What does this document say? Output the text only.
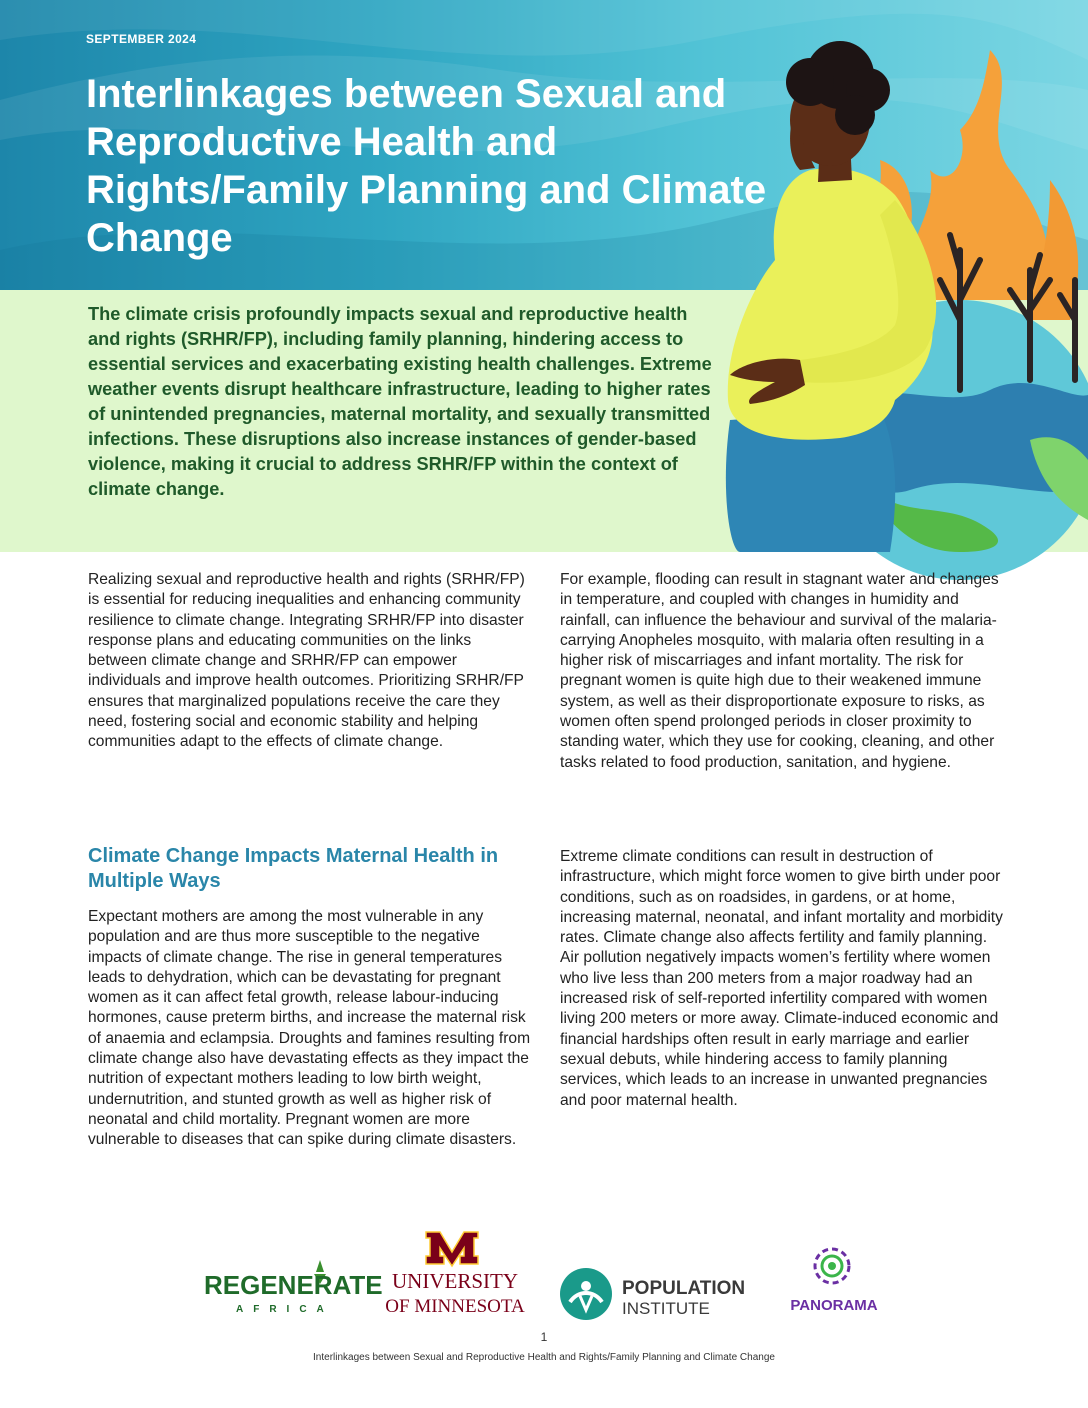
SEPTEMBER 2024
Interlinkages between Sexual and Reproductive Health and Rights/Family Planning and Climate Change

The climate crisis profoundly impacts sexual and reproductive health and rights (SRHR/FP), including family planning, hindering access to essential services and exacerbating existing health challenges. Extreme weather events disrupt healthcare infrastructure, leading to higher rates of unintended pregnancies, maternal mortality, and sexually transmitted infections. These disruptions also increase instances of gender-based violence, making it crucial to address SRHR/FP within the context of climate change.

Realizing sexual and reproductive health and rights (SRHR/FP) is essential for reducing inequalities and enhancing community resilience to climate change. Integrating SRHR/FP into disaster response plans and educating communities on the links between climate change and SRHR/FP can empower individuals and improve health outcomes. Prioritizing SRHR/FP ensures that marginalized populations receive the care they need, fostering social and economic stability and helping communities adapt to the effects of climate change.

Climate Change Impacts Maternal Health in Multiple Ways

Expectant mothers are among the most vulnerable in any population and are thus more susceptible to the negative impacts of climate change. The rise in general temperatures leads to dehydration, which can be devastating for pregnant women as it can affect fetal growth, release labour-inducing hormones, cause preterm births, and increase the maternal risk of anaemia and eclampsia. Droughts and famines resulting from climate change also have devastating effects as they impact the nutrition of expectant mothers leading to low birth weight, undernutrition, and stunted growth as well as higher risk of neonatal and child mortality. Pregnant women are more vulnerable to diseases that can spike during climate disasters.

For example, flooding can result in stagnant water and changes in temperature, and coupled with changes in humidity and rainfall, can influence the behaviour and survival of the malaria-carrying Anopheles mosquito, with malaria often resulting in a higher risk of miscarriages and infant mortality. The risk for pregnant women is quite high due to their weakened immune system, as well as their disproportionate exposure to risks, as women often spend prolonged periods in closer proximity to standing water, which they use for cooking, cleaning, and other tasks related to food production, sanitation, and hygiene.

Extreme climate conditions can result in destruction of infrastructure, which might force women to give birth under poor conditions, such as on roadsides, in gardens, or at home, increasing maternal, neonatal, and infant mortality and morbidity rates. Climate change also affects fertility and family planning. Air pollution negatively impacts women’s fertility where women who live less than 200 meters from a major roadway had an increased risk of self-reported infertility compared with women living 200 meters or more away. Climate-induced economic and financial hardships often result in early marriage and earlier sexual debuts, while hindering access to family planning services, which leads to an increase in unwanted pregnancies and poor maternal health.

REGENERATE
AFRICA
UNIVERSITY
OF MINNESOTA
POPULATION
INSTITUTE	PANORAMA
1
Interlinkages between Sexual and Reproductive Health and Rights/Family Planning and Climate Change
